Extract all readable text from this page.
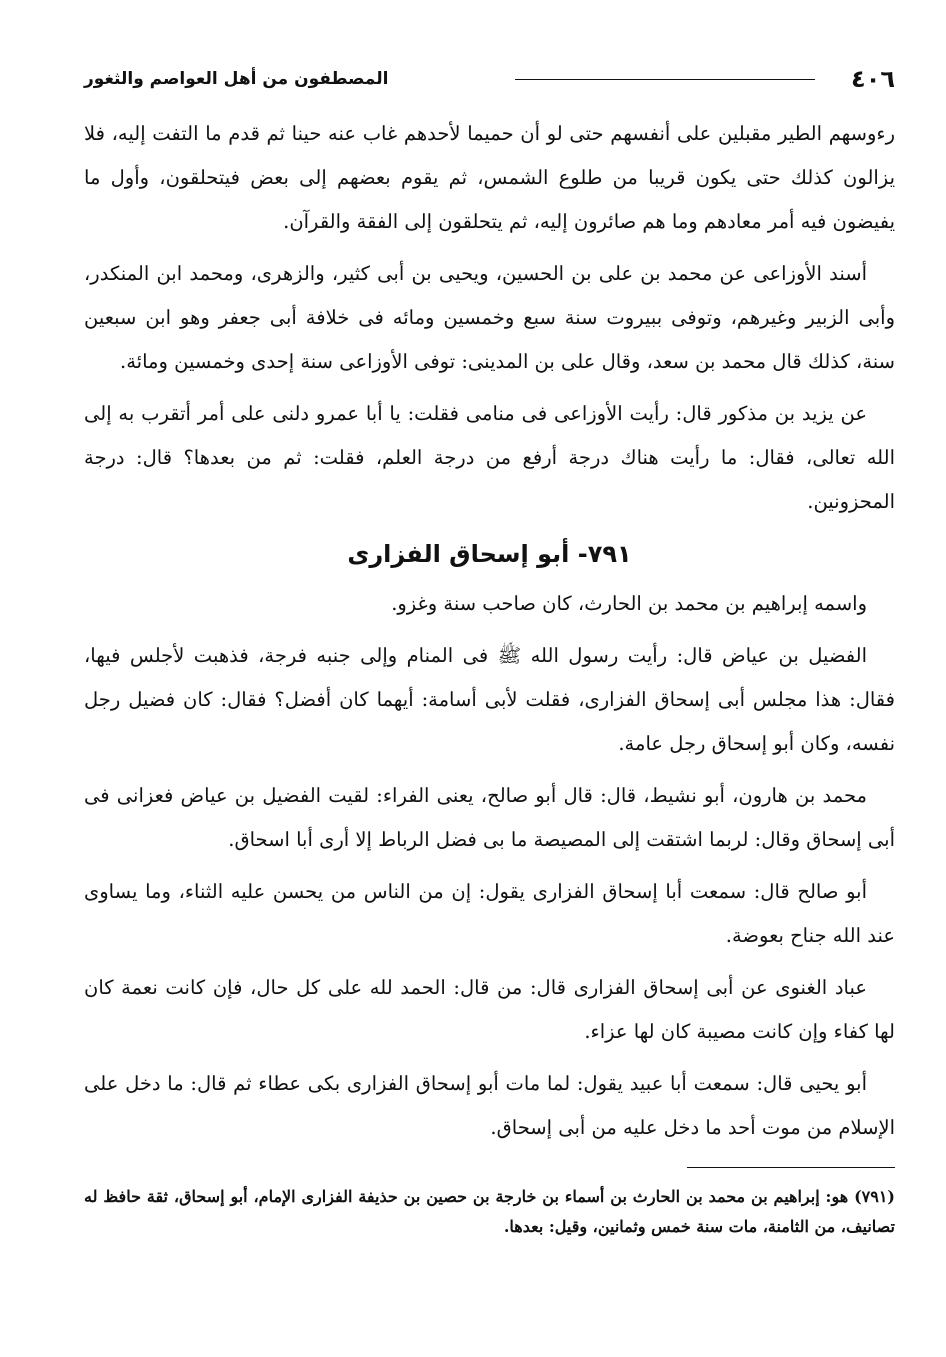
٤٠٦
المصطفون من أهل العواصم والثغور

رءوسهم الطير مقبلين على أنفسهم حتى لو أن حميما لأحدهم غاب عنه حينا ثم قدم ما التفت إليه، فلا يزالون كذلك حتى يكون قريبا من طلوع الشمس، ثم يقوم بعضهم إلى بعض فيتحلقون، وأول ما يفيضون فيه أمر معادهم وما هم صائرون إليه، ثم يتحلقون إلى الفقة والقرآن.

أسند الأوزاعى عن محمد بن على بن الحسين، ويحيى بن أبى كثير، والزهرى، ومحمد ابن المنكدر، وأبى الزبير وغيرهم، وتوفى ببيروت سنة سبع وخمسين ومائه فى خلافة أبى جعفر وهو ابن سبعين سنة، كذلك قال محمد بن سعد، وقال على بن المدينى: توفى الأوزاعى سنة إحدى وخمسين ومائة.

عن يزيد بن مذكور قال: رأيت الأوزاعى فى منامى فقلت: يا أبا عمرو دلنى على أمر أتقرب به إلى الله تعالى، فقال: ما رأيت هناك درجة أرفع من درجة العلم، فقلت: ثم من بعدها؟ قال: درجة المحزونين.

٧٩١- أبو إسحاق الفزارى

واسمه إبراهيم بن محمد بن الحارث، كان صاحب سنة وغزو.

الفضيل بن عياض قال: رأيت رسول الله ﷺ فى المنام وإلى جنبه فرجة، فذهبت لأجلس فيها، فقال: هذا مجلس أبى إسحاق الفزارى، فقلت لأبى أسامة: أيهما كان أفضل؟ فقال: كان فضيل رجل نفسه، وكان أبو إسحاق رجل عامة.

محمد بن هارون، أبو نشيط، قال: قال أبو صالح، يعنى الفراء: لقيت الفضيل بن عياض فعزانى فى أبى إسحاق وقال: لربما اشتقت إلى المصيصة ما بى فضل الرباط إلا أرى أبا اسحاق.

أبو صالح قال: سمعت أبا إسحاق الفزارى يقول: إن من الناس من يحسن عليه الثناء، وما يساوى عند الله جناح بعوضة.

عباد الغنوى عن أبى إسحاق الفزارى قال: من قال: الحمد لله على كل حال، فإن كانت نعمة كان لها كفاء وإن كانت مصيبة كان لها عزاء.

أبو يحيى قال: سمعت أبا عبيد يقول: لما مات أبو إسحاق الفزارى بكى عطاء ثم قال: ما دخل على الإسلام من موت أحد ما دخل عليه من أبى إسحاق.

(٧٩١) هو: إبراهيم بن محمد بن الحارث بن أسماء بن خارجة بن حصين بن حذيفة الفزارى الإمام، أبو إسحاق، ثقة حافظ له تصانيف، من الثامنة، مات سنة خمس وثمانين، وقيل: بعدها.
